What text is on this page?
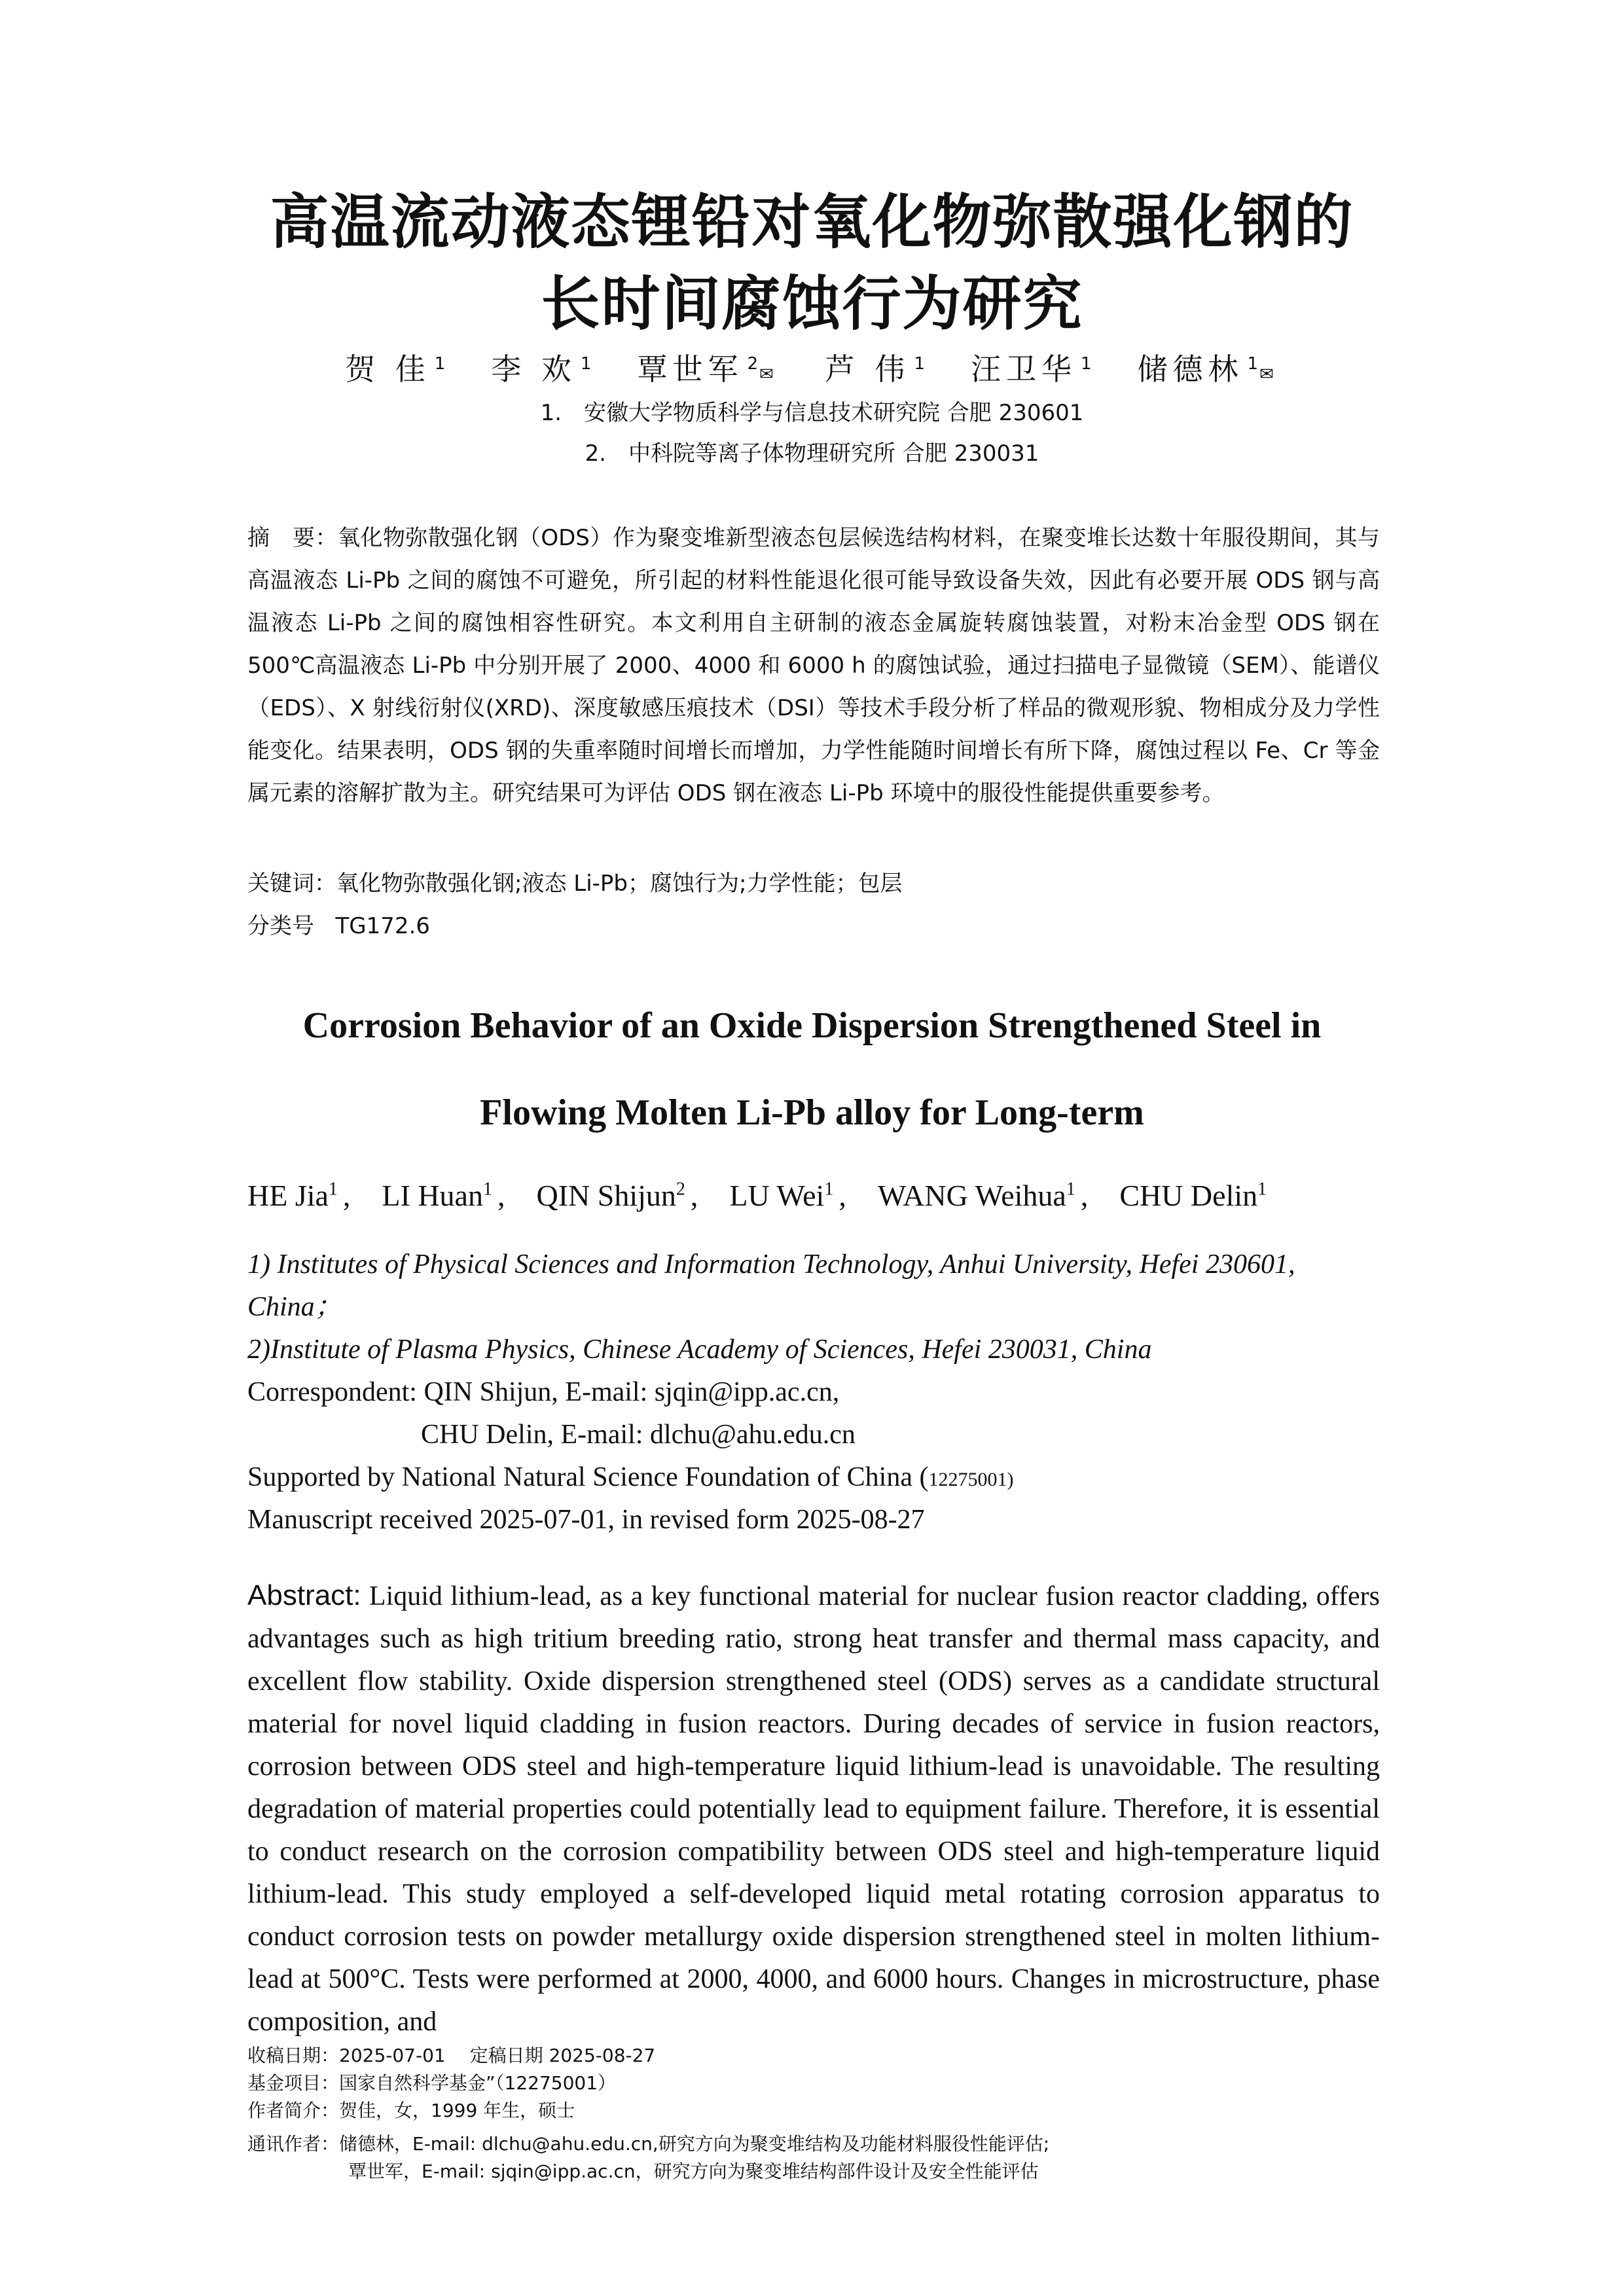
高温流动液态锂铅对氧化物弥散强化钢的
长时间腐蚀行为研究
贺 佳 $^1$ 李 欢 $^1$ 覃世军 $^2$✉ 芦 伟 $^1$ 汪卫华 $^1$ 储德林 $^1$✉
1.　安徽大学物质科学与信息技术研究院 合肥 230601
2.　中科院等离子体物理研究所 合肥 230031
摘　要：氧化物弥散强化钢（ODS）作为聚变堆新型液态包层候选结构材料，在聚变堆长达数十年服役期间，其与高温液态 Li-Pb 之间的腐蚀不可避免，所引起的材料性能退化很可能导致设备失效，因此有必要开展 ODS 钢与高温液态 Li-Pb 之间的腐蚀相容性研究。本文利用自主研制的液态金属旋转腐蚀装置，对粉末冶金型 ODS 钢在 500℃高温液态 Li-Pb 中分别开展了 2000、4000 和 6000 h 的腐蚀试验，通过扫描电子显微镜（SEM）、能谱仪（EDS）、X 射线衍射仪(XRD)、深度敏感压痕技术（DSI）等技术手段分析了样品的微观形貌、物相成分及力学性能变化。结果表明，ODS 钢的失重率随时间增长而增加，力学性能随时间增长有所下降，腐蚀过程以 Fe、Cr 等金属元素的溶解扩散为主。研究结果可为评估 ODS 钢在液态 Li-Pb 环境中的服役性能提供重要参考。
关键词：氧化物弥散强化钢;液态 Li-Pb；腐蚀行为;力学性能；包层
分类号 TG172.6
Corrosion Behavior of an Oxide Dispersion Strengthened Steel in
Flowing Molten Li-Pb alloy for Long-term
HE Jia$^1$ , LI Huan$^1$ , QIN Shijun$^2$ , LU Wei$^1$ , WANG Weihua$^1$ , CHU Delin$^1$
1) Institutes of Physical Sciences and Information Technology, Anhui University, Hefei 230601,
China；
2)Institute of Plasma Physics, Chinese Academy of Sciences, Hefei 230031, China
Correspondent: QIN Shijun, E-mail: sjqin@ipp.ac.cn,
CHU Delin, E-mail: dlchu@ahu.edu.cn
Supported by National Natural Science Foundation of China (12275001)
Manuscript received 2025-07-01, in revised form 2025-08-27
Abstract: Liquid lithium-lead, as a key functional material for nuclear fusion reactor cladding, offers advantages such as high tritium breeding ratio, strong heat transfer and thermal mass capacity, and excellent flow stability. Oxide dispersion strengthened steel (ODS) serves as a candidate structural material for novel liquid cladding in fusion reactors. During decades of service in fusion reactors, corrosion between ODS steel and high-temperature liquid lithium-lead is unavoidable. The resulting degradation of material properties could potentially lead to equipment failure. Therefore, it is essential to conduct research on the corrosion compatibility between ODS steel and high-temperature liquid lithium-lead. This study employed a self-developed liquid metal rotating corrosion apparatus to conduct corrosion tests on powder metallurgy oxide dispersion strengthened steel in molten lithium-lead at 500°C. Tests were performed at 2000, 4000, and 6000 hours. Changes in microstructure, phase composition, and
收稿日期：2025-07-01　 定稿日期 2025-08-27
基金项目：国家自然科学基金”（12275001）
作者简介：贺佳，女，1999 年生，硕士
通讯作者：储德林，E-mail: dlchu@ahu.edu.cn,研究方向为聚变堆结构及功能材料服役性能评估;
覃世军，E-mail: sjqin@ipp.ac.cn，研究方向为聚变堆结构部件设计及安全性能评估
